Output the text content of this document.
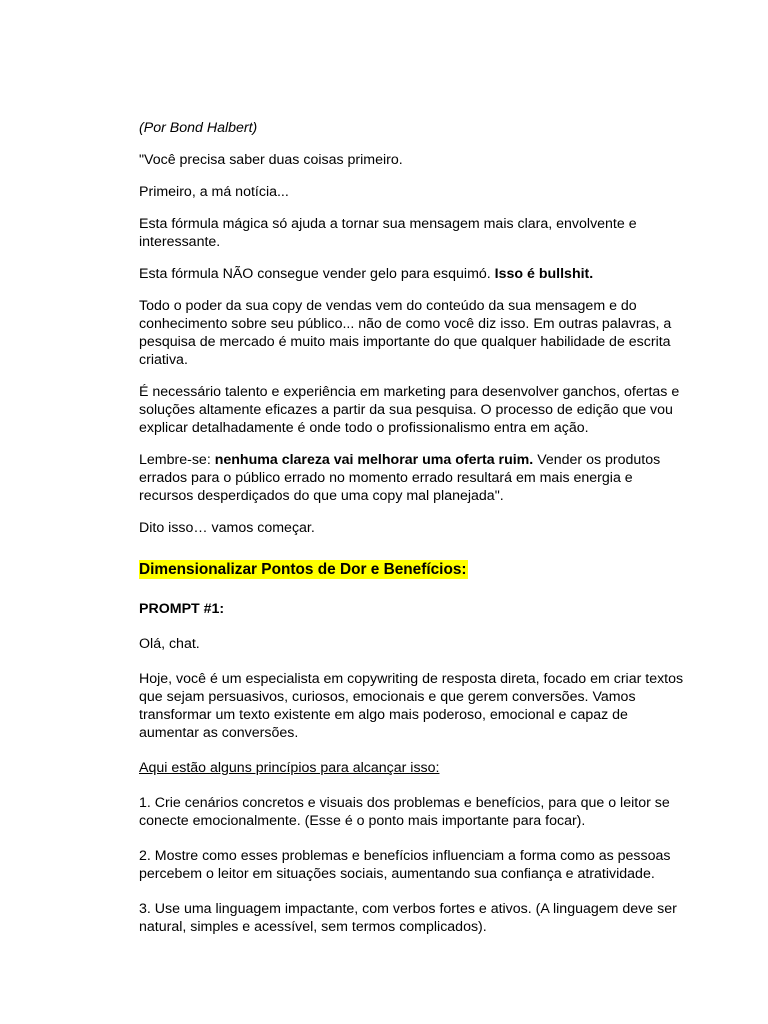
(Por Bond Halbert)

"Você precisa saber duas coisas primeiro.

Primeiro, a má notícia...

Esta fórmula mágica só ajuda a tornar sua mensagem mais clara, envolvente e interessante.

Esta fórmula NÃO consegue vender gelo para esquimó. Isso é bullshit.

Todo o poder da sua copy de vendas vem do conteúdo da sua mensagem e do conhecimento sobre seu público... não de como você diz isso. Em outras palavras, a pesquisa de mercado é muito mais importante do que qualquer habilidade de escrita criativa.

É necessário talento e experiência em marketing para desenvolver ganchos, ofertas e soluções altamente eficazes a partir da sua pesquisa. O processo de edição que vou explicar detalhadamente é onde todo o profissionalismo entra em ação.

Lembre-se: nenhuma clareza vai melhorar uma oferta ruim. Vender os produtos errados para o público errado no momento errado resultará em mais energia e recursos desperdiçados do que uma copy mal planejada".

Dito isso… vamos começar.

Dimensionalizar Pontos de Dor e Benefícios:

PROMPT #1:

Olá, chat.

Hoje, você é um especialista em copywriting de resposta direta, focado em criar textos que sejam persuasivos, curiosos, emocionais e que gerem conversões. Vamos transformar um texto existente em algo mais poderoso, emocional e capaz de aumentar as conversões.

Aqui estão alguns princípios para alcançar isso:

1. Crie cenários concretos e visuais dos problemas e benefícios, para que o leitor se conecte emocionalmente. (Esse é o ponto mais importante para focar).

2. Mostre como esses problemas e benefícios influenciam a forma como as pessoas percebem o leitor em situações sociais, aumentando sua confiança e atratividade.

3. Use uma linguagem impactante, com verbos fortes e ativos. (A linguagem deve ser natural, simples e acessível, sem termos complicados).
